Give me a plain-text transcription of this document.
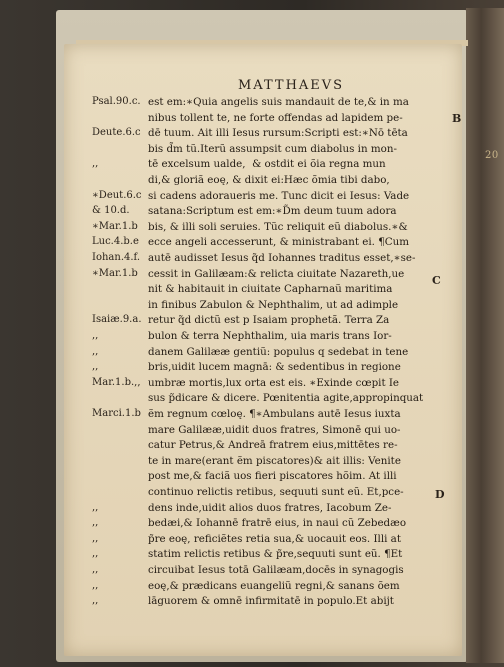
20
MATTHAEVS
Psal.90.c. est em:∗Quia angelis suis mandauit de te,& in ma
nibus tollent te, ne forte offendas ad lapidem pe-
Deute.6.c dē tuum. Ait illi Iesus rursum:Scripti est:∗Nō tēta
bis d̃m tũ.Iterũ assumpsit cum diabolus in mon-
,,	tē excelsum ualde,  & ostdit ei õia regna mun
di,& gloriã eoę, & dixit ei:Hæc õmia tibi dabo,
∗Deut.6.c si cadens adoraueris me. Tunc dicit ei Iesus: Vade
& 10.d. satana:Scriptum est em:∗D̃m deum tuum adora
∗Mar.1.b bis, & illi soli seruies. Tũc reliquit eũ diabolus.∗&
Luc.4.b.e ecce angeli accesserunt, & ministrabant ei. ¶Cum
Iohan.4.f. autē audisset Iesus q̃d Iohannes traditus esset,∗se-
∗Mar.1.b cessit in Galilæam:& relicta ciuitate Nazareth,ue
nit & habitauit in ciuitate Capharnaũ maritima
in finibus Zabulon & Nephthalim, ut ad adimple
Isaiæ.9.a. retur q̃d dictũ est p Isaiam prophetã. Terra Za
,,	bulon & terra Nephthalim, uia maris trans Ior-
,,	danem Galilææ gentiũ: populus q sedebat in tene
,,	bris,uidit lucem magnā: & sedentibus in regione
Mar.1.b.,, umbræ mortis,lux orta est eis. ∗Exinde cœpit Ie
sus p̃dicare & dicere. Pœnitentia agite,appropinquat
Marci.1.b ẽm regnum cœloę. ¶∗Ambulans autē Iesus iuxta
mare Galilææ,uidit duos fratres, Simonē qui uo-
catur Petrus,& Andreā fratrem eius,mittētes re-
te in mare(erant ẽm piscatores)& ait illis: Venite
post me,& faciã uos fieri piscatores hõim. At illi
continuo relictis retibus, sequuti sunt eũ. Et,pce-
,,	dens inde,uidit alios duos fratres, Iacobum Ze-
,,	bedæi,& Iohannē fratrē eius, in naui cũ Zebedæo
,,	p̃re eoę, reficiẽtes retia sua,& uocauit eos. Illi at
,,	statim relictis retibus & p̃re,sequuti sunt eũ. ¶Et
,,	circuibat Iesus totā Galilæam,docēs in synagogis
,,	eoę,& prædicans euangeliũ regni,& sanans õem
,,	lāguorem & omnē infirmitatē in populo.Et abijt
B
C
D
